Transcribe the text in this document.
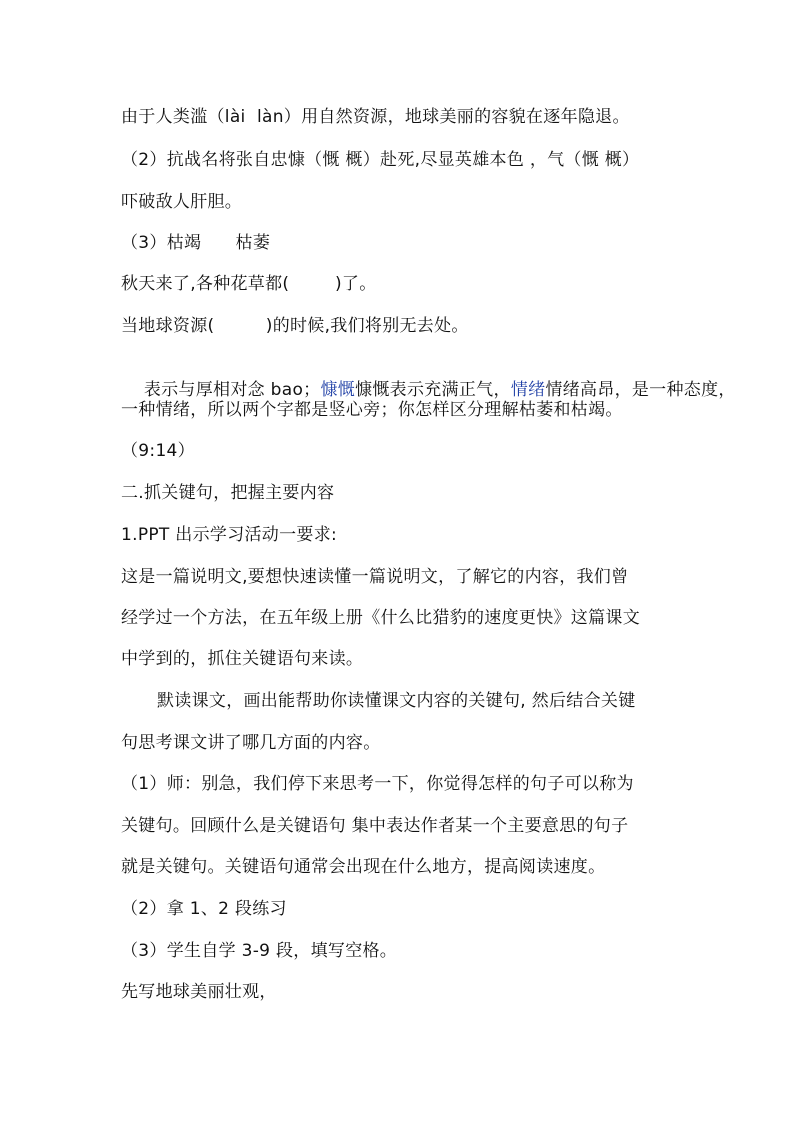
由于人类滥（lài  làn）用自然资源，地球美丽的容貌在逐年隐退。
（2）抗战名将张自忠慷（慨 概）赴死,尽显英雄本色 ，气（慨 概）
吓破敌人肝胆。
（3）枯竭      枯萎
秋天来了,各种花草都(        )了。
当地球资源(         )的时候,我们将别无去处。

表示与厚相对念 bao；慷慨慷慨表示充满正气，情绪情绪高昂，是一种态度，

一种情绪，所以两个字都是竖心旁；你怎样区分理解枯萎和枯竭。
（9:14）
二.抓关键句，把握主要内容
1.PPT 出示学习活动一要求:
这是一篇说明文,要想快速读懂一篇说明文，了解它的内容，我们曾
经学过一个方法，在五年级上册《什么比猎豹的速度更快》这篇课文
中学到的，抓住关键语句来读。
默读课文，画出能帮助你读懂课文内容的关键句, 然后结合关键
句思考课文讲了哪几方面的内容。
（1）师：别急，我们停下来思考一下，你觉得怎样的句子可以称为
关键句。回顾什么是关键语句 集中表达作者某一个主要意思的句子
就是关键句。关键语句通常会出现在什么地方，提高阅读速度。
（2）拿 1、2 段练习
（3）学生自学 3-9 段，填写空格。
先写地球美丽壮观，
